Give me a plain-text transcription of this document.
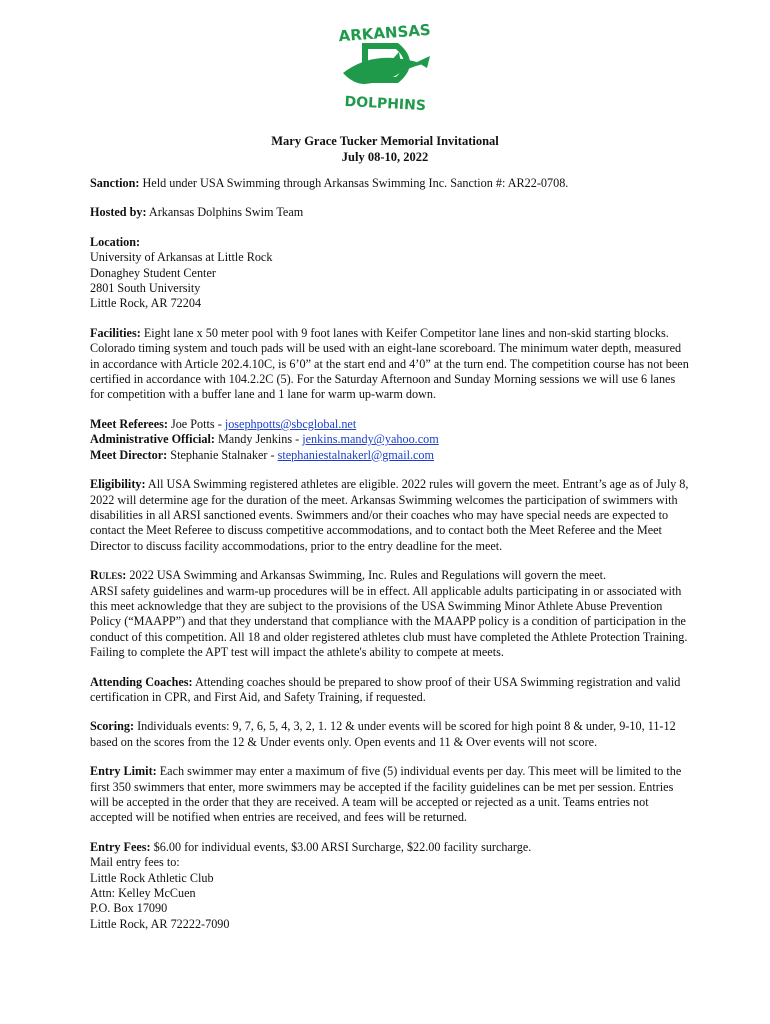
ARKANSAS
DOLPHINS
Mary Grace Tucker Memorial Invitational
July 08-10, 2022

Sanction: Held under USA Swimming through Arkansas Swimming Inc. Sanction #: AR22-0708.

Hosted by: Arkansas Dolphins Swim Team

Location:
University of Arkansas at Little Rock
Donaghey Student Center
2801 South University
Little Rock, AR 72204

Facilities: Eight lane x 50 meter pool with 9 foot lanes with Keifer Competitor lane lines and non-skid starting blocks. Colorado timing system and touch pads will be used with an eight-lane scoreboard. The minimum water depth, measured in accordance with Article 202.4.10C, is 6’0” at the start end and 4’0” at the turn end. The competition course has not been certified in accordance with 104.2.2C (5). For the Saturday Afternoon and Sunday Morning sessions we will use 6 lanes for competition with a buffer lane and 1 lane for warm up-warm down.

Meet Referees: Joe Potts - josephpotts@sbcglobal.net
Administrative Official: Mandy Jenkins - jenkins.mandy@yahoo.com
Meet Director: Stephanie Stalnaker - stephaniestalnakerl@gmail.com

Eligibility: All USA Swimming registered athletes are eligible. 2022 rules will govern the meet. Entrant’s age as of July 8, 2022 will determine age for the duration of the meet. Arkansas Swimming welcomes the participation of swimmers with disabilities in all ARSI sanctioned events. Swimmers and/or their coaches who may have special needs are expected to contact the Meet Referee to discuss competitive accommodations, and to contact both the Meet Referee and the Meet Director to discuss facility accommodations, prior to the entry deadline for the meet.

Rules: 2022 USA Swimming and Arkansas Swimming, Inc. Rules and Regulations will govern the meet.
ARSI safety guidelines and warm-up procedures will be in effect. All applicable adults participating in or associated with this meet acknowledge that they are subject to the provisions of the USA Swimming Minor Athlete Abuse Prevention Policy (“MAAPP”) and that they understand that compliance with the MAAPP policy is a condition of participation in the conduct of this competition. All 18 and older registered athletes club must have completed the Athlete Protection Training. Failing to complete the APT test will impact the athlete's ability to compete at meets.

Attending Coaches: Attending coaches should be prepared to show proof of their USA Swimming registration and valid certification in CPR, and First Aid, and Safety Training, if requested.

Scoring: Individuals events: 9, 7, 6, 5, 4, 3, 2, 1. 12 & under events will be scored for high point 8 & under, 9-10, 11-12 based on the scores from the 12 & Under events only. Open events and 11 & Over events will not score.

Entry Limit: Each swimmer may enter a maximum of five (5) individual events per day. This meet will be limited to the first 350 swimmers that enter, more swimmers may be accepted if the facility guidelines can be met per session. Entries will be accepted in the order that they are received. A team will be accepted or rejected as a unit. Teams entries not accepted will be notified when entries are received, and fees will be returned.

Entry Fees: $6.00 for individual events, $3.00 ARSI Surcharge, $22.00 facility surcharge.
Mail entry fees to:
Little Rock Athletic Club
Attn: Kelley McCuen
P.O. Box 17090
Little Rock, AR 72222-7090
